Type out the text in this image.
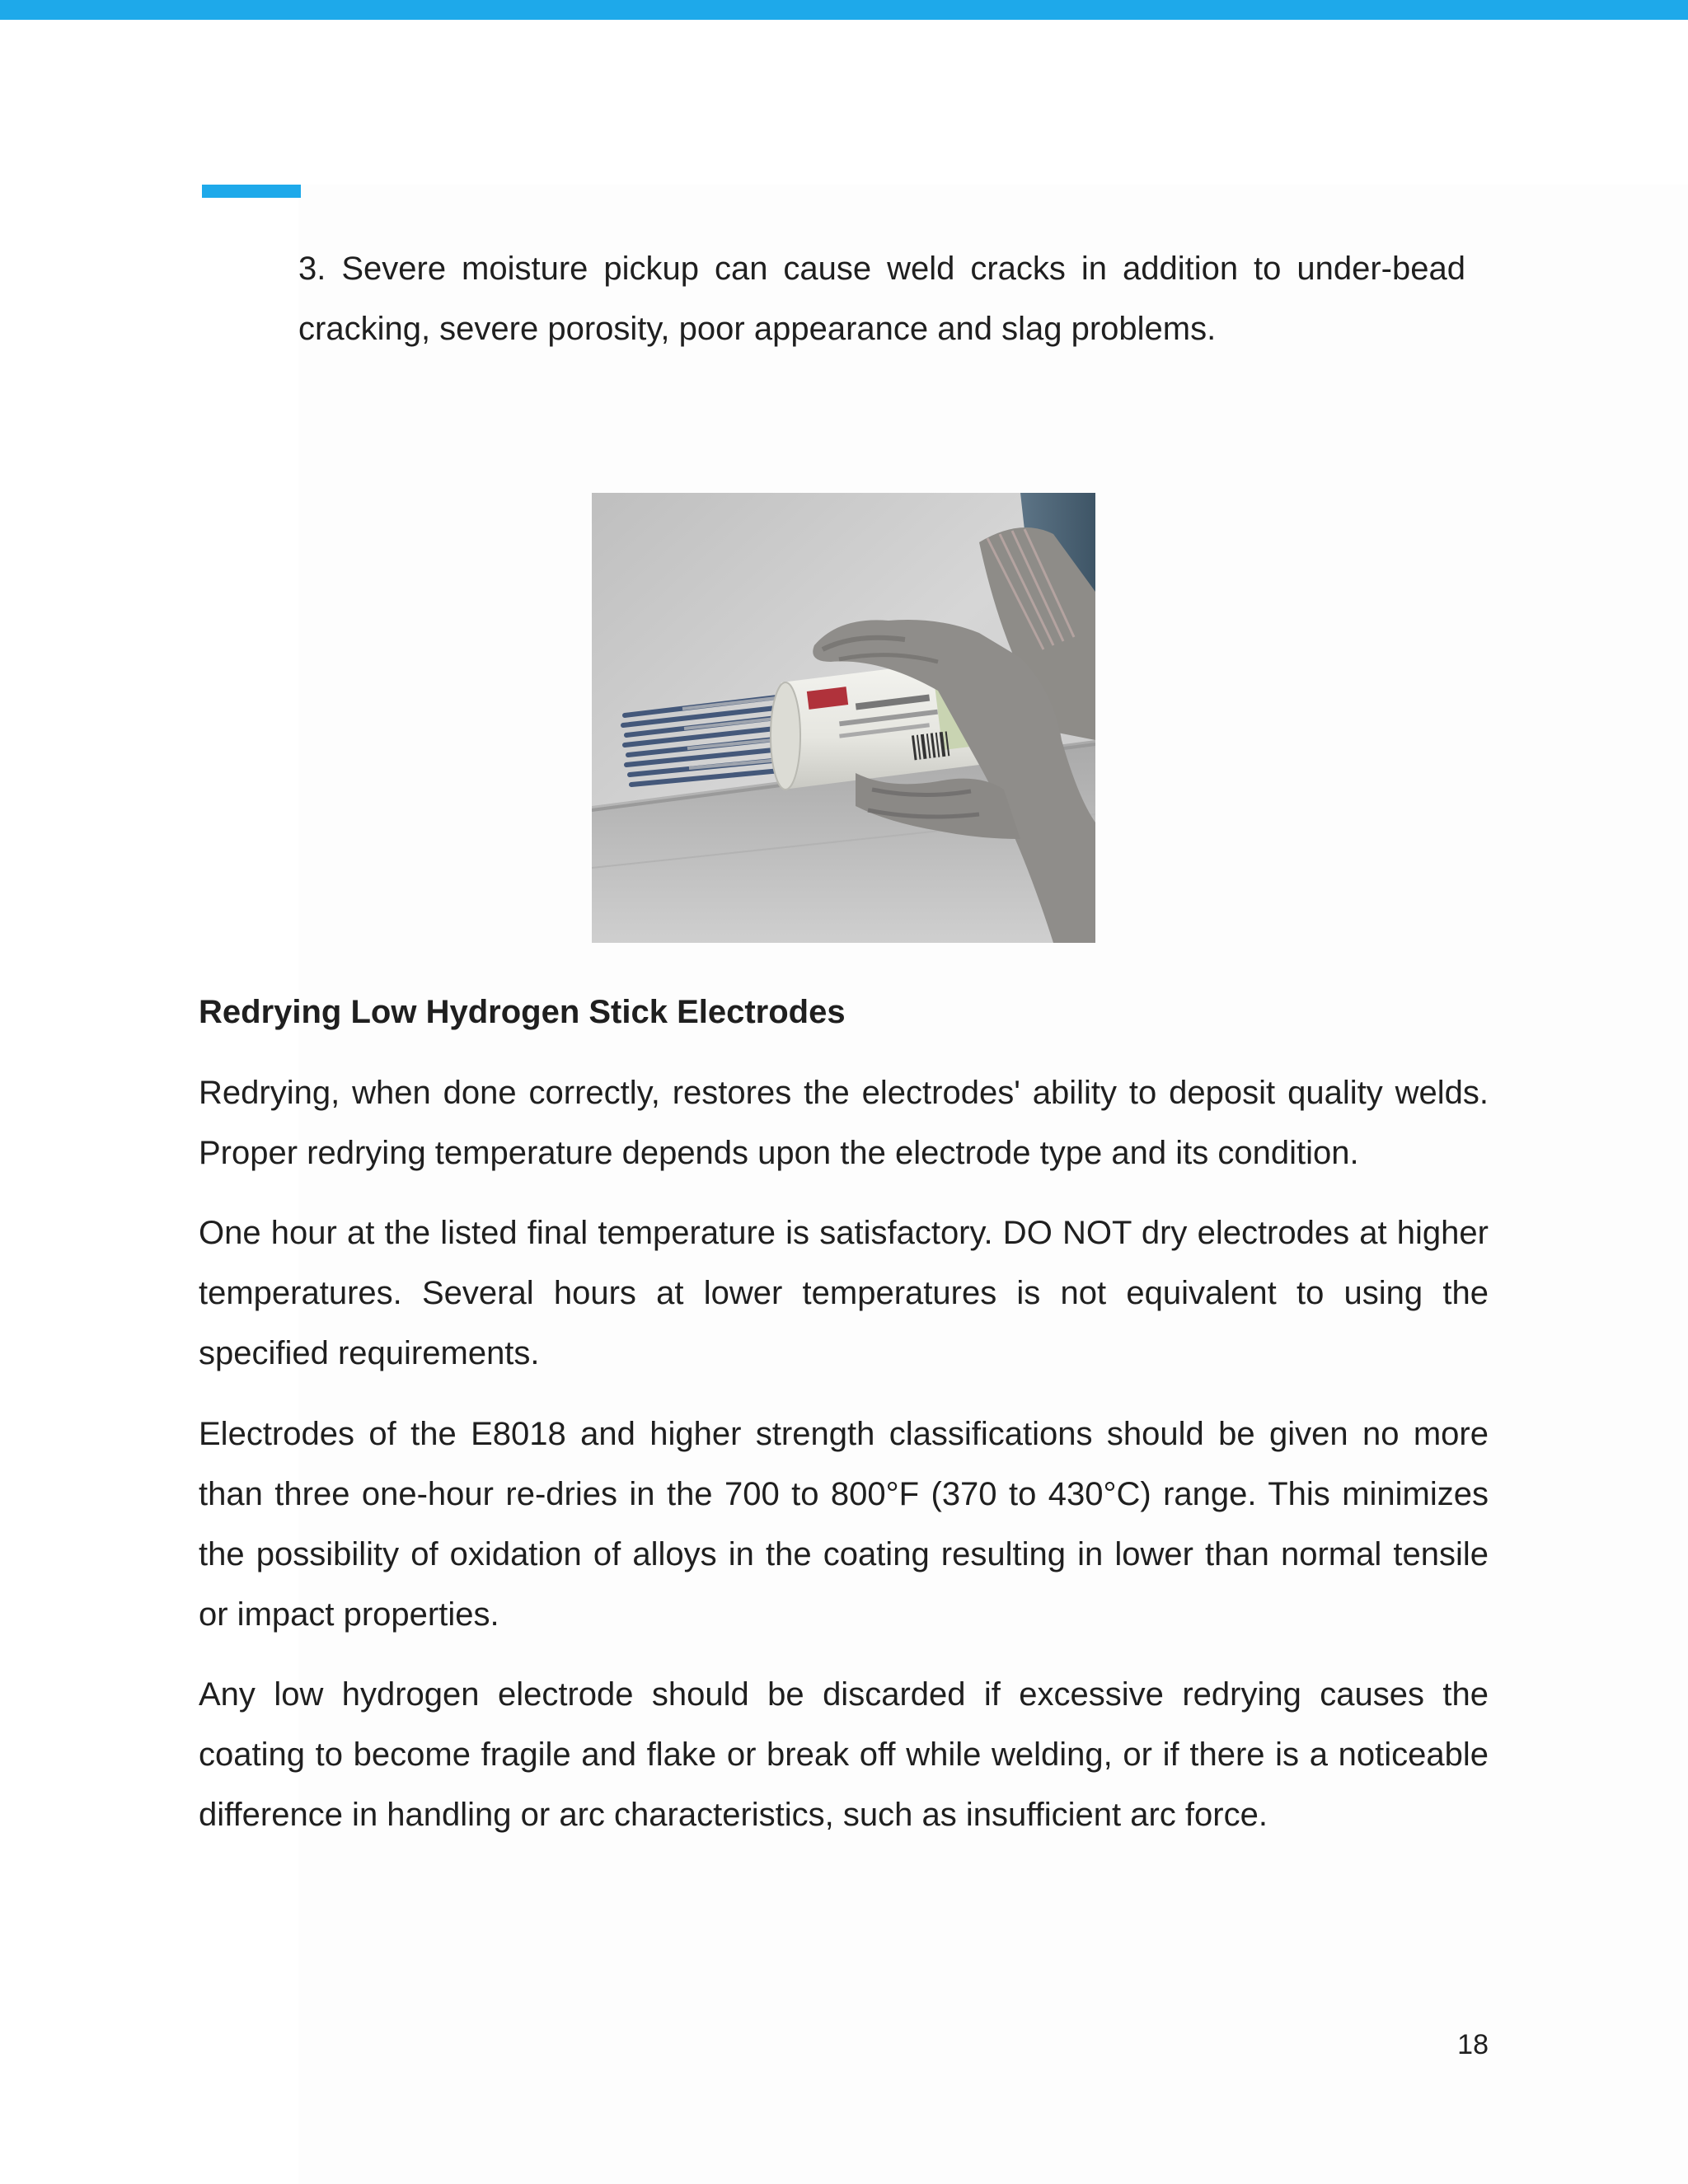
3. Severe moisture pickup can cause weld cracks in addition to under-bead cracking, severe porosity, poor appearance and slag problems.

Redrying Low Hydrogen Stick Electrodes

Redrying, when done correctly, restores the electrodes' ability to deposit quality welds. Proper redrying temperature depends upon the electrode type and its condition.

One hour at the listed final temperature is satisfactory. DO NOT dry electrodes at higher temperatures. Several hours at lower temperatures is not equivalent to using the specified requirements.

Electrodes of the E8018 and higher strength classifications should be given no more than three one-hour re-dries in the 700 to 800°F (370 to 430°C) range. This minimizes the possibility of oxidation of alloys in the coating resulting in lower than normal tensile or impact properties.

Any low hydrogen electrode should be discarded if excessive redrying causes the coating to become fragile and flake or break off while welding, or if there is a noticeable difference in handling or arc characteristics, such as insufficient arc force.

18
